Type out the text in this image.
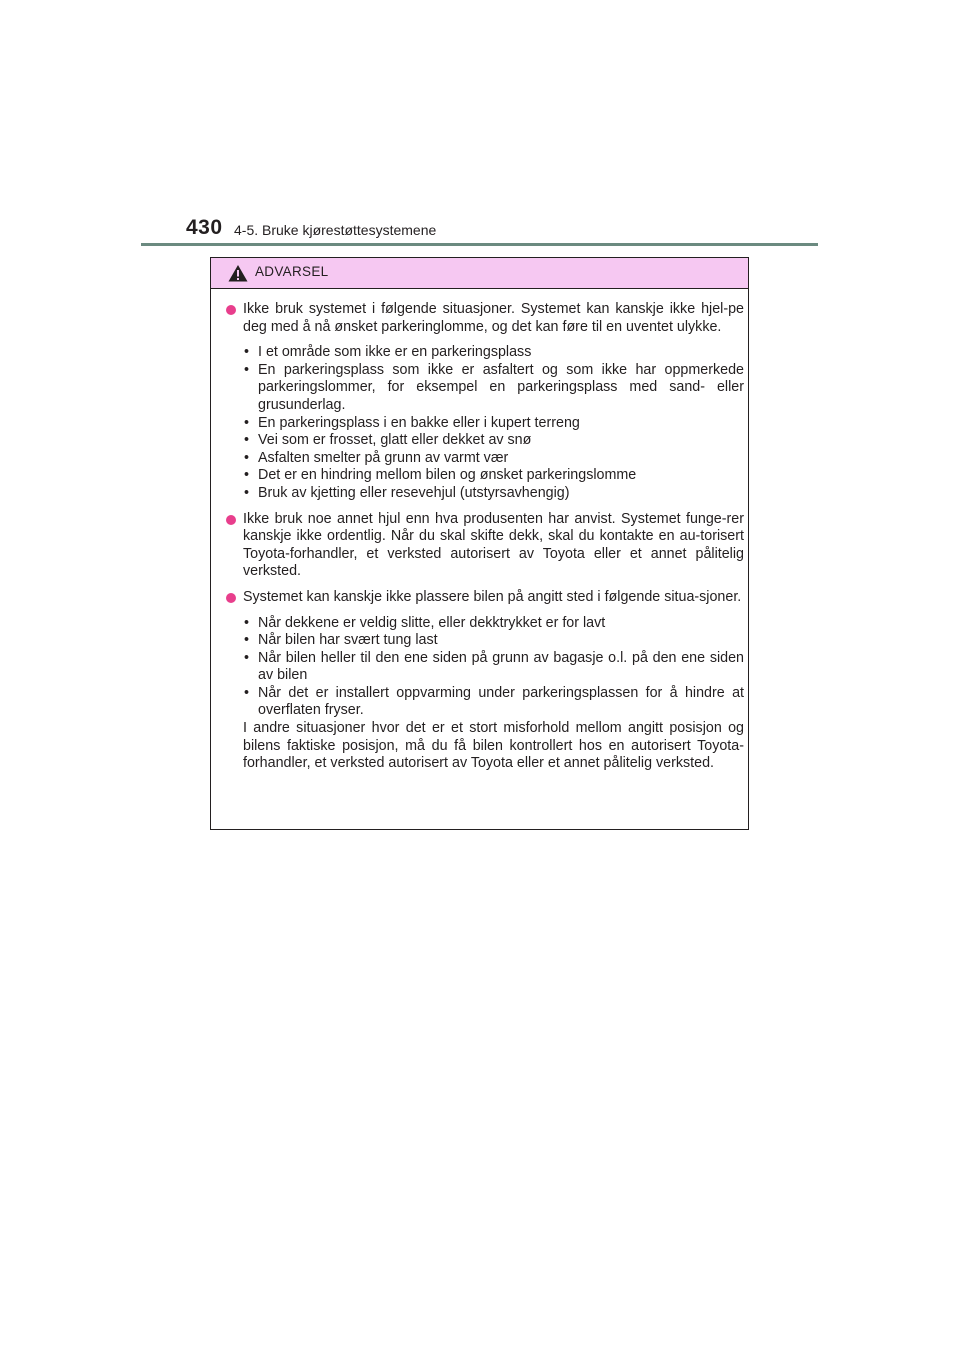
430 4-5. Bruke kjørestøttesystemene
ADVARSEL
Ikke bruk systemet i følgende situasjoner. Systemet kan kanskje ikke hjel-pe deg med å nå ønsket parkeringlomme, og det kan føre til en uventet ulykke.
• I et område som ikke er en parkeringsplass
• En parkeringsplass som ikke er asfaltert og som ikke har oppmerkede parkeringslommer, for eksempel en parkeringsplass med sand- eller grusunderlag.
• En parkeringsplass i en bakke eller i kupert terreng
• Vei som er frosset, glatt eller dekket av snø
• Asfalten smelter på grunn av varmt vær
• Det er en hindring mellom bilen og ønsket parkeringslomme
• Bruk av kjetting eller resevehjul (utstyrsavhengig)
Ikke bruk noe annet hjul enn hva produsenten har anvist. Systemet funge-rer kanskje ikke ordentlig. Når du skal skifte dekk, skal du kontakte en au-torisert Toyota-forhandler, et verksted autorisert av Toyota eller et annet pålitelig verksted.
Systemet kan kanskje ikke plassere bilen på angitt sted i følgende situa-sjoner.
• Når dekkene er veldig slitte, eller dekktrykket er for lavt
• Når bilen har svært tung last
• Når bilen heller til den ene siden på grunn av bagasje o.l. på den ene siden av bilen
• Når det er installert oppvarming under parkeringsplassen for å hindre at overflaten fryser.
I andre situasjoner hvor det er et stort misforhold mellom angitt posisjon og bilens faktiske posisjon, må du få bilen kontrollert hos en autorisert Toyota-forhandler, et verksted autorisert av Toyota eller et annet pålitelig verksted.
